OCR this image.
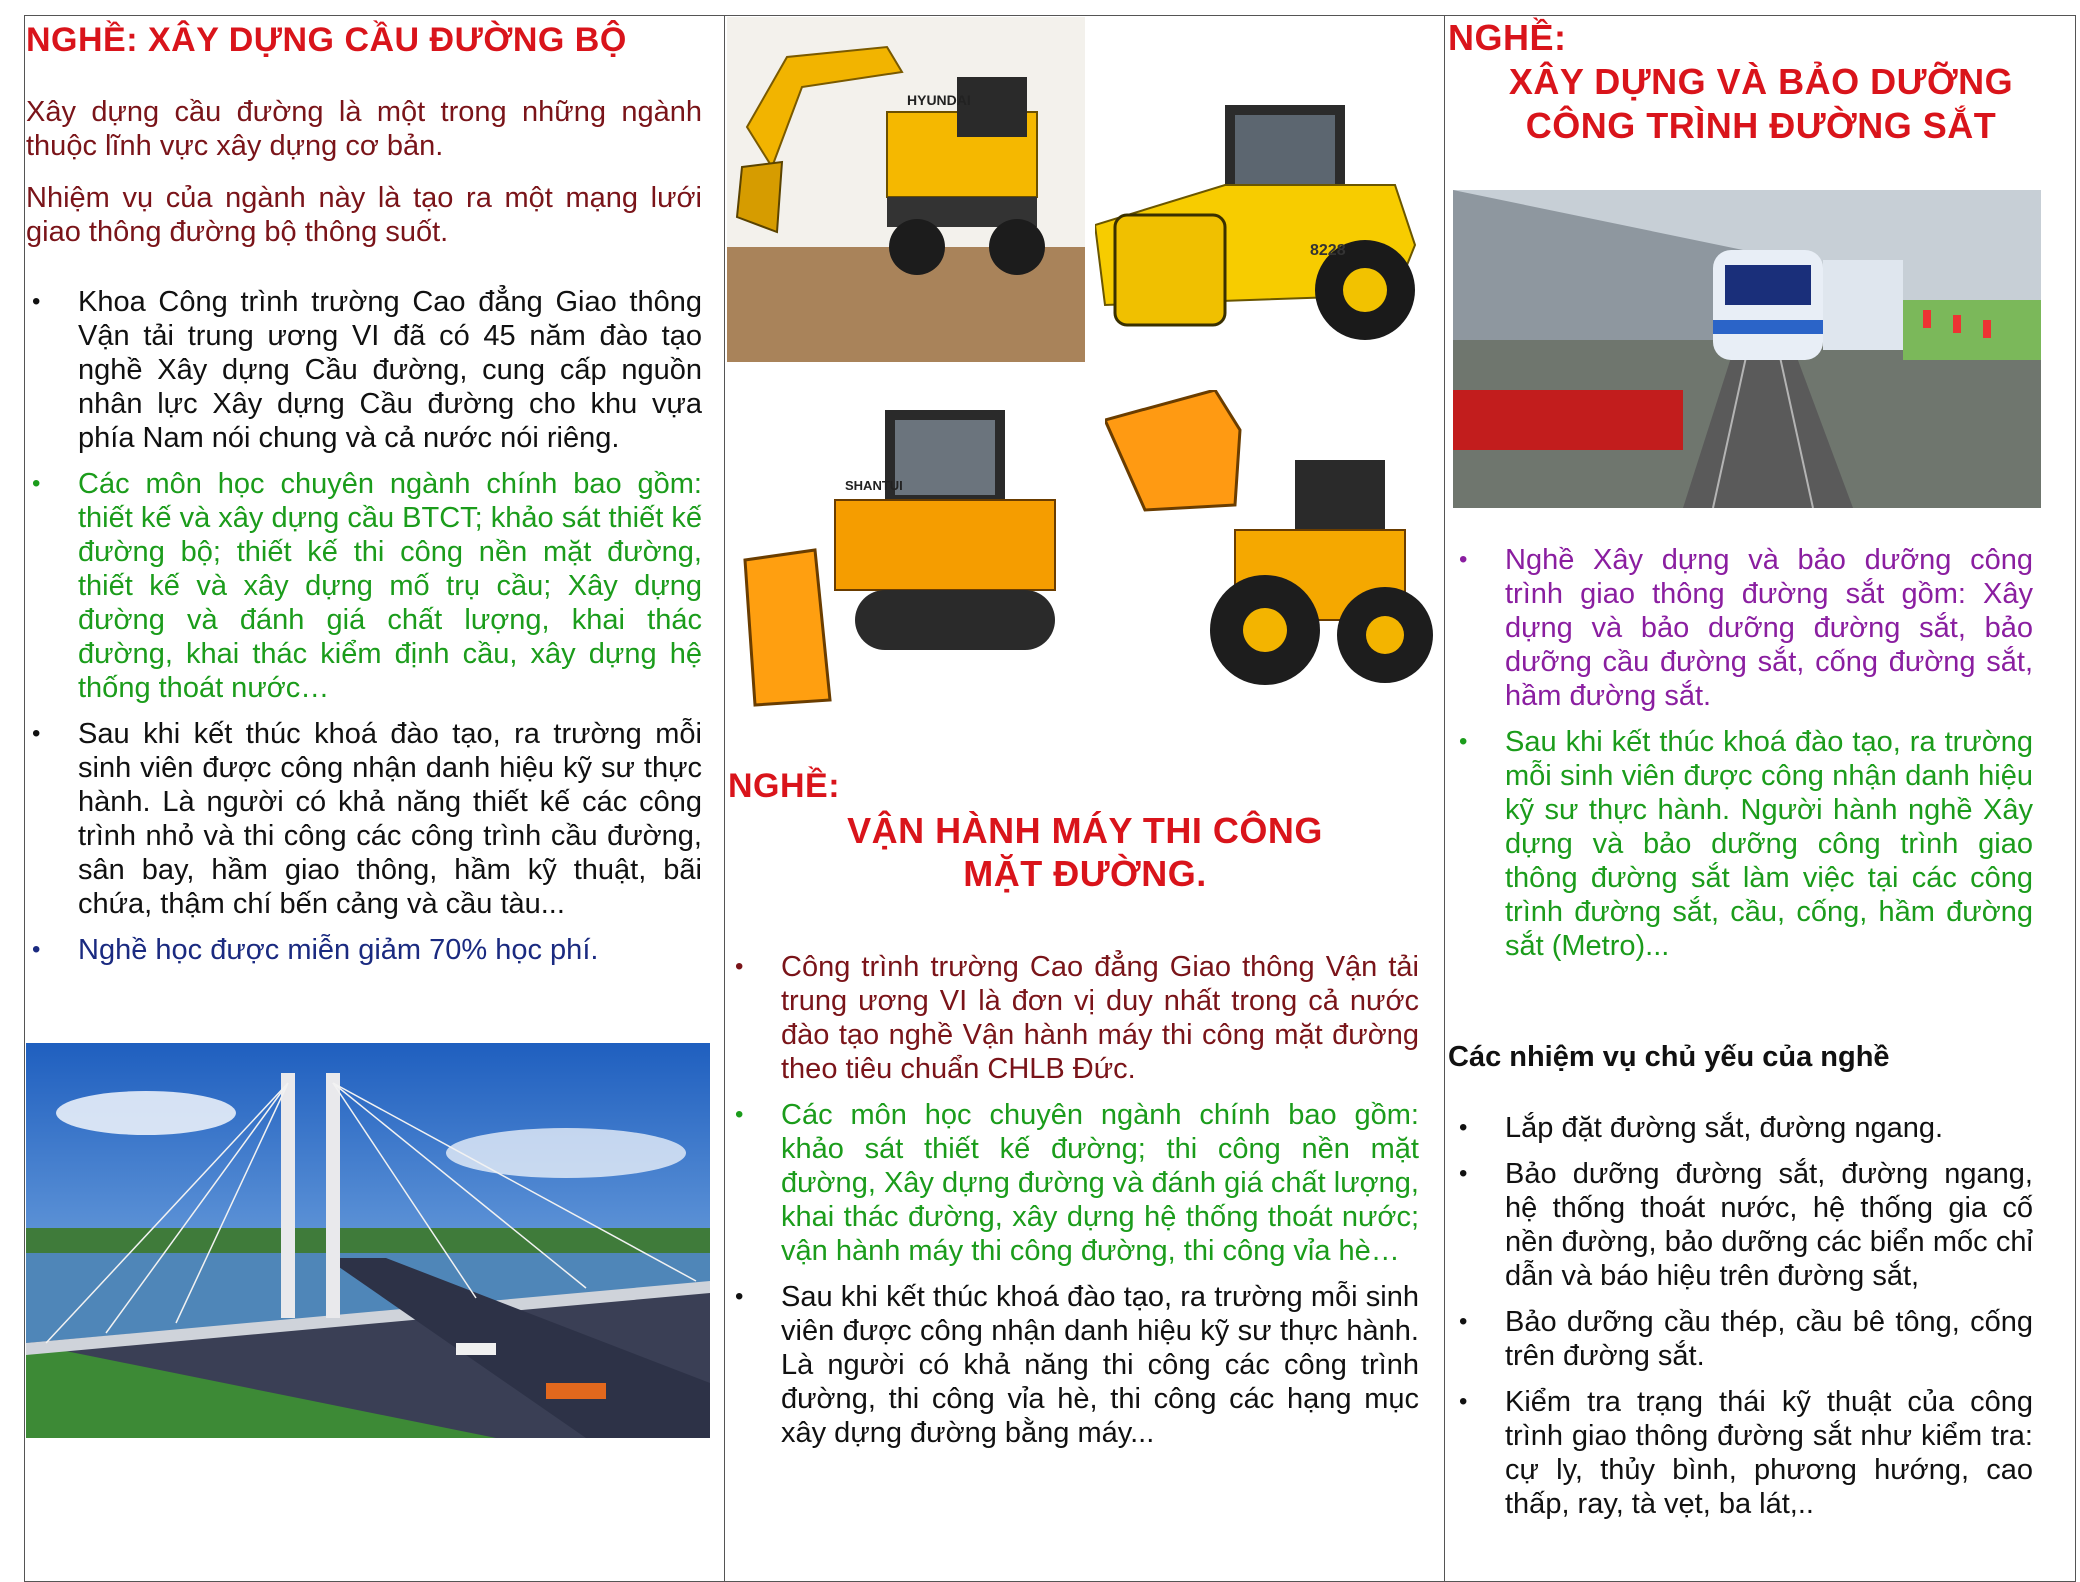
NGHỀ: XÂY DỰNG CẦU ĐƯỜNG BỘ
Xây dựng cầu đường là một trong những ngành thuộc lĩnh vực xây dựng cơ bản.
Nhiệm vụ của ngành này là tạo ra một mạng lưới giao thông đường bộ thông suốt.
• Khoa Công trình trường Cao đẳng Giao thông Vận tải trung ương VI đã có 45 năm đào tạo nghề Xây dựng Cầu đường, cung cấp nguồn nhân lực Xây dựng Cầu đường cho khu vựa phía Nam nói chung và cả nước nói riêng.
• Các môn học chuyên ngành chính bao gồm: thiết kế và xây dựng cầu BTCT; khảo sát thiết kế đường bộ; thiết kế thi công nền mặt đường, thiết kế và xây dựng mố trụ cầu; Xây dựng đường và đánh giá chất lượng, khai thác đường, khai thác kiểm định cầu, xây dựng hệ thống thoát nước…
• Sau khi kết thúc khoá đào tạo, ra trường mỗi sinh viên được công nhận danh hiệu kỹ sư thực hành. Là người có khả năng thiết kế các công trình nhỏ và thi công các công trình cầu đường, sân bay, hầm giao thông, hầm kỹ thuật, bãi chứa, thậm chí bến cảng và cầu tàu...
• Nghề học được miễn giảm 70% học phí.
HYUNDAI
8228
SHANTUI
NGHỀ:
VẬN HÀNH MÁY THI CÔNG
MẶT ĐƯỜNG.
• Công trình trường Cao đẳng Giao thông Vận tải trung ương VI là đơn vị duy nhất trong cả nước đào tạo nghề Vận hành máy thi công mặt đường theo tiêu chuẩn CHLB Đức.
• Các môn học chuyên ngành chính bao gồm: khảo sát thiết kế đường; thi công nền mặt đường, Xây dựng đường và đánh giá chất lượng, khai thác đường, xây dựng hệ thống thoát nước; vận hành máy thi công đường, thi công vỉa hè…
• Sau khi kết thúc khoá đào tạo, ra trường mỗi sinh viên được công nhận danh hiệu kỹ sư thực hành. Là người có khả năng thi công các công trình đường, thi công vỉa hè, thi công các hạng mục xây dựng đường bằng máy...
NGHỀ:
XÂY DỰNG VÀ BẢO DƯỠNG
CÔNG TRÌNH ĐƯỜNG SẮT
• Nghề Xây dựng và bảo dưỡng công trình giao thông đường sắt gồm: Xây dựng và bảo dưỡng đường sắt, bảo dưỡng cầu đường sắt, cống đường sắt, hầm đường sắt.
• Sau khi kết thúc khoá đào tạo, ra trường mỗi sinh viên được công nhận danh hiệu kỹ sư thực hành. Người hành nghề Xây dựng và bảo dưỡng công trình giao thông đường sắt làm việc tại các công trình đường sắt, cầu, cống, hầm đường sắt (Metro)...
Các nhiệm vụ chủ yếu của nghề
• Lắp đặt đường sắt, đường ngang.
• Bảo dưỡng đường sắt, đường ngang, hệ thống thoát nước, hệ thống gia cố nền đường, bảo dưỡng các biển mốc chỉ dẫn và báo hiệu trên đường sắt,
• Bảo dưỡng cầu thép, cầu bê tông, cống trên đường sắt.
• Kiểm tra trạng thái kỹ thuật của công trình giao thông đường sắt như kiểm tra: cự ly, thủy bình, phương hướng, cao thấp, ray, tà vẹt, ba lát,..
